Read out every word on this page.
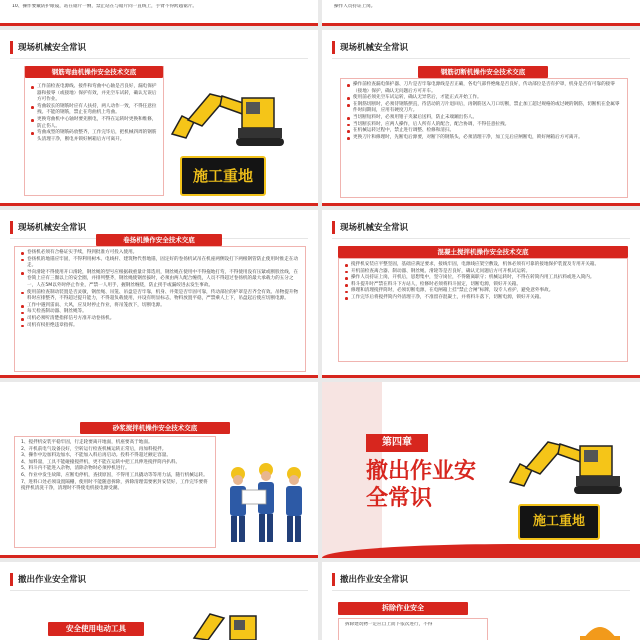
10、操作要戴防护眼镜，站在锯片一侧，禁止站在与锯片同一直线上，手臂不得跨越锯片。	操作人员持证上岗。
现场机械安全常识
钢筋弯曲机操作安全技术交底
工作前检查电源线、接件和弯曲中心轴是否良好，漏电保护器和接零（或接地）保护有效，并先空车试转，确认无误后方可作业。
弯曲较长的钢筋时应有人扶持，两人动作一致，不得任意拉拽。不能的钢筋，禁止在弯曲机上弯曲。
更换弯曲机中心轴时要先断电，不得在运转时更换和维修，防止伤人。
弯曲成型的钢筋码放整齐，工作完毕后，把机械四周的钢筋头清理干净，断电并锁好闸箱后方可离开。
施工重地
现场机械安全常识
钢筋切断机操作安全技术交底
操作前检查漏电保护器、刀片是否牢靠电源线是否正确，各电气部件绝缘是否良好，传动部位是否有护罩，机身是否有可靠的接零（接地）保护，确认无问题后方可开车。
使用前必须先空车试运转，确认无异常后，才能正式开始工作。
在钢筋切断时，必须待钢筋摆直，待活动的刀片退回后，再钢筋送入刀口切断，禁止加工超过规格的或过硬的钢筋，切断机在金属零件时间期间，应用有硬度刀片。
当切断短料时，必须用钳子夹紧后送料，防止末端蹦出伤人。
当切断长料时，应两人操作，后人所有人的配合，配合协调，不得任意拉拽。
在机械运转过程中，禁止进行调整、检修和清扫。
更换刀片和修理时，先断电后源要，对断下的钢筋头，必须清理干净，加工完后应闸断电，锁好闸箱后方可离开。
现场机械安全常识
卷扬机操作安全技术交底
卷扬机必须有合格证实手续，得到批准方可投入使用。
卷扬机的地锚应牢固，不得利用树木、电线杆、建筑物代替地锚，固定好的卷扬机试吊在机座两侧设打下两根钢管防止使用时推走在动走。
导向滑轮不得使用开口滑轮，钢丝绳的型号应根据载重量计算选用，钢丝绳在使用中不得拖地打弯，不得使用没有压紧或断股丝线，在卷筒上应有三圈以上的安全圈，并排列整齐，钢丝绳使钢丝拔时，必须由两人配合缠绕，人员不得超过卷扬机的最大承载力的五分之一，人在5M以外时停止作业，严禁一人用手，握钢丝缠绕，防止拐手或漏绞进去发生事故。
使用前检查制动装置是否灵敏，钢丝绳、吊笼、吊盘是否牢靠，机身、井架是否牢固可靠，传动部位的护罩是否齐全有效。吊物提升物料时应排整齐，不得超过提升能力，不得超负载使用，并设有明显标志，物料放置平稳，严禁乘人上下，吊盘起后使应切断电源。
工作中遇到雷雨、大风，应及时停止作业，将吊笼放下，切断电源。
每天检查制动器、钢丝绳等。
司机必须听清楚指挥信号方准开动卷扬机。
司机有权拒绝违章指挥。
现场机械安全常识
混凝土搅拌机操作安全技术交底
搅拌机安装应平整坚固，基础应满足要求，接线牢固，电源线应架空敷设，机体必须有可靠的接地保护装置及专用开关箱。
开机前检查离合器、制动器、钢丝绳、滑轮等是否良好，确认无问题后方可开机试运转。
操作人员持证上岗，开机后，思想集中，坚守岗位，不得随离职守；机械运转时，不得在转筒内用工具扒料或进入筒内。
料斗提升时严禁在料斗下方站人，检修时必须将料斗固定，切断电源，锁好开关箱。
修理和清理搅拌筒时，必须切断电源，在电闸箱上挂“禁止合闸”标牌，设专人看护，避免意外事故。
工作完毕后将搅拌筒内外清理干净，不准留存混凝土，并将料斗落下，切断电源，锁好开关箱。
砂浆搅拌机操作安全技术交底
1、搅拌机安装平稳牢固，行走轮要离开地面，机座要高于地面。
2、开机前电气设备良好，空转运行检查机械运转正常后，再加料搅拌。
3、操作中边加料边加水，不能加入料后再启动。投料不得超过额定容量。
4、加料量，工具不能碰撞搅拌机，更不能在运转中把工具伸进搅拌筒内扒料。
5、料斗内不能进入杂物，清除杂物时必须停机进行。
6、作业中发生故障，应断电停机，查找原因，不得用工具撬动等等用力法，随行机械运转。
7、进料口处必须设置隔栅，使用时不能随意拆除，拆除清理需要密封安装好，工作完毕要将搅拌机清洗干净，清理时不得使电机接电源受潮。
第四章
撤出作业安全常识
施工重地
撤出作业安全常识
安全使用电动工具
撤出作业安全常识
拆除作业安全
拆除建筑物一定应自上而下依次进行，不得
